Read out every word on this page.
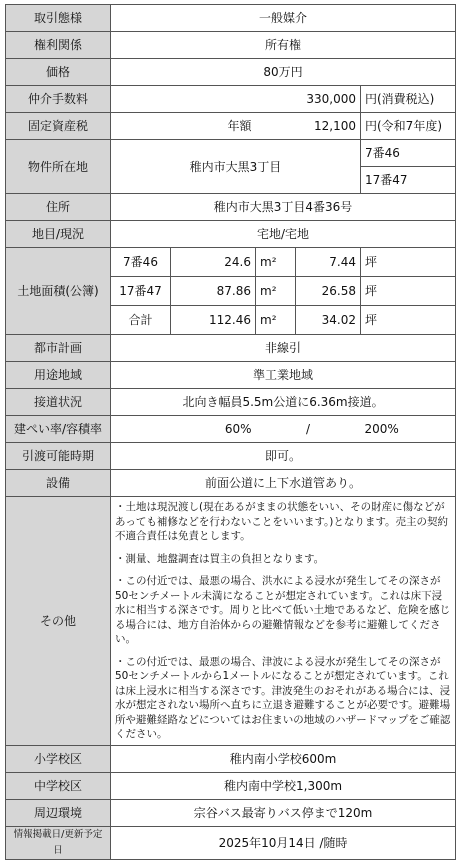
取引態様	一般媒介				
権利関係	所有権				
価格	80万円				
仲介手数料	330,000				円(消費税込)
固定資産税	年額		12,100		円(令和7年度)
物件所在地	稚内市大黒3丁目				7番46
					17番47
住所	稚内市大黒3丁目4番36号				
地目/現況	宅地/宅地				
土地面積(公簿)	7番46	24.6	m²	7.44	坪
	17番47	87.86	m²	26.58	坪
	合計	112.46	m²	34.02	坪
都市計画	非線引				
用途地域	準工業地域				
接道状況	北向き幅員5.5m公道に6.36m接道。				
建ぺい率/容積率	60%		/		200%
引渡可能時期	即可。				
設備	前面公道に上下水道管あり。				
その他	・土地は現況渡し(現在あるがままの状態をいい、その財産に傷などがあっても補修などを行わないことをいいます。)となります。売主の契約不適合責任は免責とします。

・測量、地盤調査は買主の負担となります。

・この付近では、最悪の場合、洪水による浸水が発生してその深さが50センチメートル未満になることが想定されています。これは床下浸水に相当する深さです。周りと比べて低い土地であるなど、危険を感じる場合には、地方自治体からの避難情報などを参考に避難してください。

・この付近では、最悪の場合、津波による浸水が発生してその深さが50センチメートルから1メートルになることが想定されています。これは床上浸水に相当する深さです。津波発生のおそれがある場合には、浸水が想定されない場所へ直ちに立退き避難することが必要です。避難場所や避難経路などについてはお住まいの地域のハザードマップをご確認ください。				

小学校区	稚内南小学校600m				
中学校区	稚内南中学校1,300m				
周辺環境	宗谷バス最寄りバス停まで120m				
情報掲載日/更新予定日	2025年10月14日 /随時				
